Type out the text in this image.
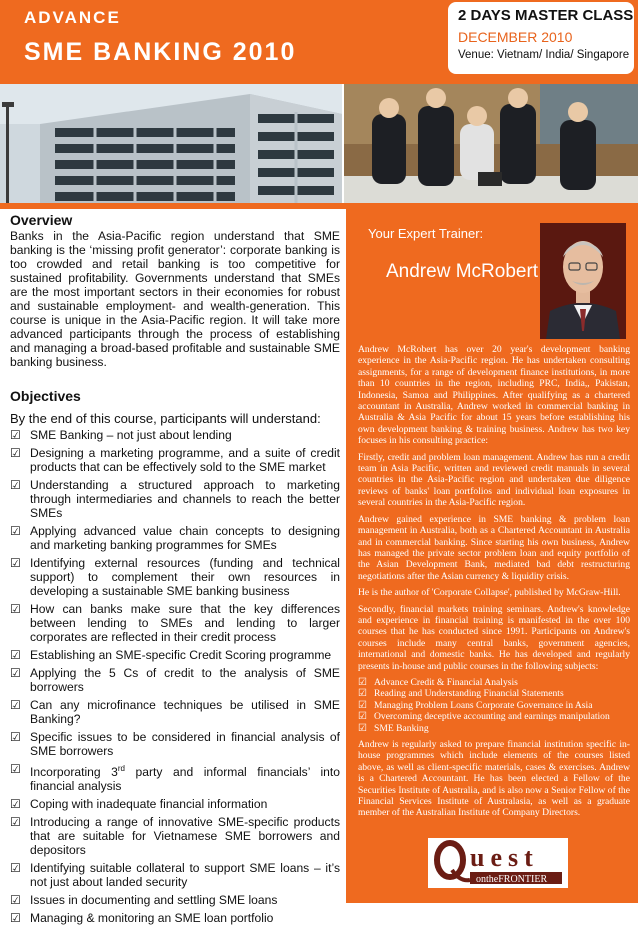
ADVANCE
SME BANKING 2010
2 DAYS MASTER CLASS
DECEMBER 2010
Venue: Vietnam/ India/ Singapore
Overview

Banks in the Asia-Pacific region understand that SME banking is the ‘missing profit generator’: corporate banking is too crowded and retail banking is too competitive for sustained profitability. Governments understand that SMEs are the most important sectors in their economies for robust and sustainable employment- and wealth-generation. This course is unique in the Asia-Pacific region. It will take more advanced participants through the process of establishing and managing a broad-based profitable and sustainable SME banking business.

Objectives

By the end of this course, participants will understand:

☑ SME Banking – not just about lending
☑ Designing a marketing programme, and a suite of credit products that can be effectively sold to the SME market
☑ Understanding a structured approach to marketing through intermediaries and channels to reach the better SMEs
☑ Applying advanced value chain concepts to designing and marketing banking programmes for SMEs
☑ Identifying external resources (funding and technical support) to complement their own resources in developing a sustainable SME banking business
☑ How can banks make sure that the key differences between lending to SMEs and lending to larger corporates are reflected in their credit process
☑ Establishing an SME-specific Credit Scoring programme
☑ Applying the 5 Cs of credit to the analysis of SME borrowers
☑ Can any microfinance techniques be utilised in SME Banking?
☑ Specific issues to be considered in financial analysis of SME borrowers
☑ Incorporating 3rd party and informal financials’ into financial analysis
☑ Coping with inadequate financial information
☑ Introducing a range of innovative SME-specific products that are suitable for Vietnamese SME borrowers and depositors
☑ Identifying suitable collateral to support SME loans – it’s not just about landed security
☑ Issues in documenting and settling SME loans
☑ Managing & monitoring an SME loan portfolio
Your Expert Trainer:
Andrew McRobert

Andrew McRobert has over 20 year's development banking experience in the Asia-Pacific region. He has undertaken consulting assignments, for a range of development finance institutions, in more than 10 countries in the region, including PRC, India,, Pakistan, Indonesia, Samoa and Philippines. After qualifying as a chartered accountant in Australia, Andrew worked in commercial banking in Australia & Asia Pacific for about 15 years before establishing his own development banking & training business. Andrew has two key focuses in his consulting practice:

Firstly, credit and problem loan management. Andrew has run a credit team in Asia Pacific, written and reviewed credit manuals in several countries in the Asia-Pacific region and undertaken due diligence reviews of banks' loan portfolios and individual loan exposures in several countries in the Asia-Pacific region.

Andrew gained experience in SME banking & problem loan management in Australia, both as a Chartered Accountant in Australia and in commercial banking. Since starting his own business, Andrew has managed the private sector problem loan and equity portfolio of the Asian Development Bank, mediated bad debt restructuring negotiations after the Asian currency & liquidity crisis.

He is the author of 'Corporate Collapse', published by McGraw-Hill.

Secondly, financial markets training seminars. Andrew's knowledge and experience in financial training is manifested in the over 100 courses that he has conducted since 1991. Participants on Andrew's courses include many central banks, government agencies, international and domestic banks. He has developed and regularly presents in-house and public courses in the following subjects:

☑ Advance Credit & Financial Analysis
☑ Reading and Understanding Financial Statements
☑ Managing Problem Loans Corporate Governance in Asia
☑ Overcoming deceptive accounting and earnings manipulation
☑ SME Banking

Andrew is regularly asked to prepare financial institution specific in-house programmes which include elements of the courses listed above, as well as client-specific materials, cases & exercises. Andrew is a Chartered Accountant. He has been elected a Fellow of the Securities Institute of Australia, and is also now a Senior Fellow of the Financial Services Institute of Australasia, as well as a graduate member of the Australian Institute of Company Directors.

uest
ontheFRONTIER
